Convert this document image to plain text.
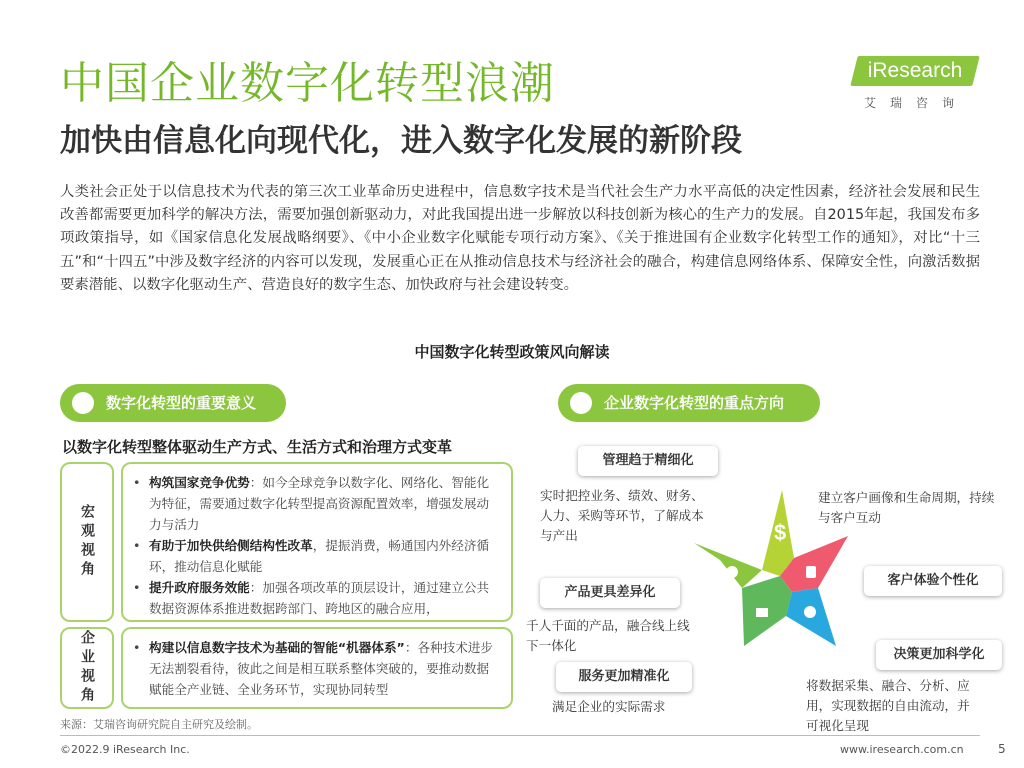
中国企业数字化转型浪潮
加快由信息化向现代化，进入数字化发展的新阶段
iResearch
艾瑞咨询

人类社会正处于以信息技术为代表的第三次工业革命历史进程中，信息数字技术是当代社会生产力水平高低的决定性因素，经济社会发展和民生改善都需要更加科学的解决方法，需要加强创新驱动力，对此我国提出进一步解放以科技创新为核心的生产力的发展。自2015年起，我国发布多项政策指导，如《国家信息化发展战略纲要》、《中小企业数字化赋能专项行动方案》、《关于推进国有企业数字化转型工作的通知》，对比“十三五”和“十四五”中涉及数字经济的内容可以发现，发展重心正在从推动信息技术与经济社会的融合，构建信息网络体系、保障安全性，向激活数据要素潜能、以数字化驱动生产、营造良好的数字生态、加快政府与社会建设转变。

中国数字化转型政策风向解读
数字化转型的重要意义
以数字化转型整体驱动生产方式、生活方式和治理方式变革
宏观视角
• 构筑国家竞争优势：如今全球竞争以数字化、网络化、智能化为特征，需要通过数字化转型提高资源配置效率，增强发展动力与活力
• 有助于加快供给侧结构性改革，提振消费，畅通国内外经济循环，推动信息化赋能
• 提升政府服务效能：加强各项改革的顶层设计，通过建立公共数据资源体系推进数据跨部门、跨地区的融合应用，
企业视角	• 构建以信息数字技术为基础的智能“机器体系”：各种技术进步无法割裂看待，彼此之间是相互联系整体突破的，要推动数据赋能全产业链、全业务环节，实现协同转型
企业数字化转型的重点方向
$
管理趋于精细化
实时把控业务、绩效、财务、人力、采购等环节，了解成本与产出
产品更具差异化
千人千面的产品，融合线上线下一体化
服务更加精准化
满足企业的实际需求
建立客户画像和生命周期，持续与客户互动
客户体验个性化
决策更加科学化
将数据采集、融合、分析、应用，实现数据的自由流动，并可视化呈现
来源：艾瑞咨询研究院自主研究及绘制。
©2022.9 iResearch Inc.	www.iresearch.com.cn	5
